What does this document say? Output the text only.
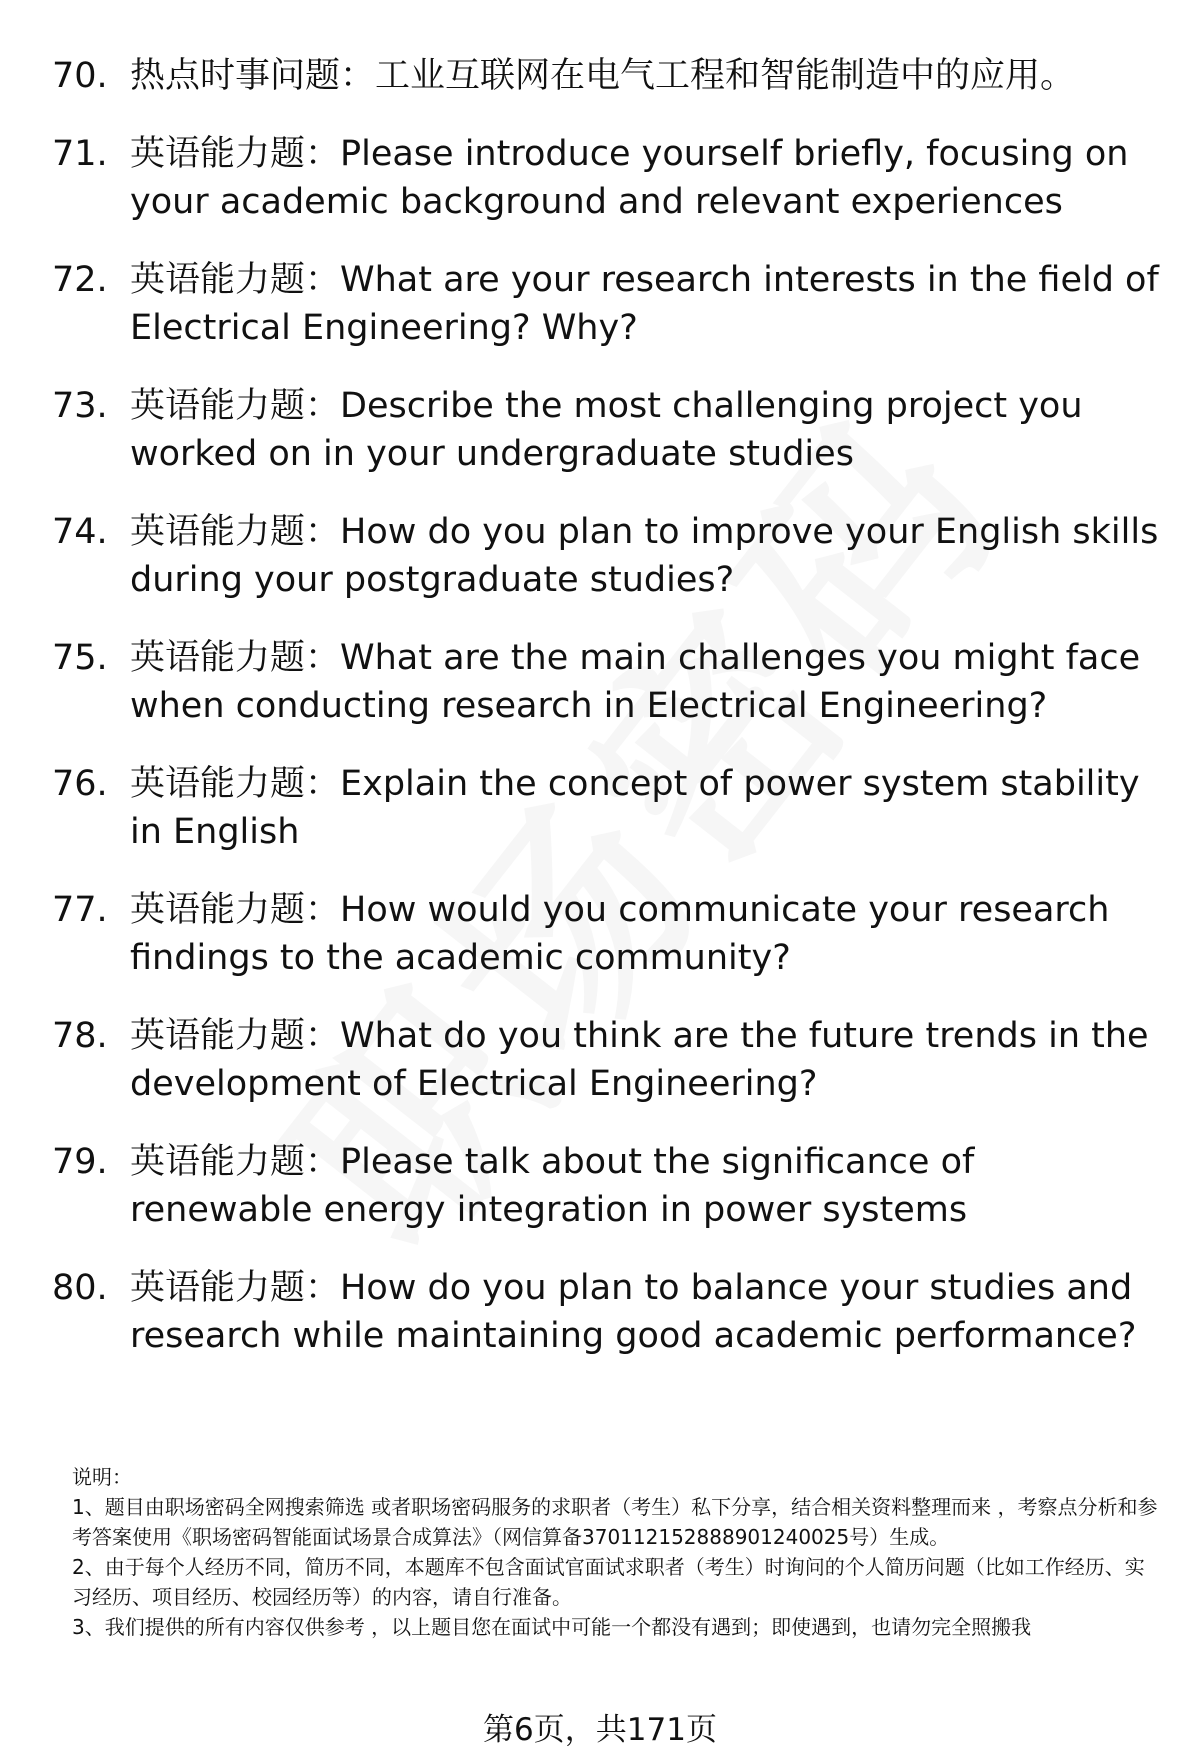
70. 热点时事问题：工业互联网在电气工程和智能制造中的应用。
71. 英语能力题：Please introduce yourself briefly, focusing on your academic background and relevant experiences
72. 英语能力题：What are your research interests in the field of Electrical Engineering? Why?
73. 英语能力题：Describe the most challenging project you worked on in your undergraduate studies
74. 英语能力题：How do you plan to improve your English skills during your postgraduate studies?
75. 英语能力题：What are the main challenges you might face when conducting research in Electrical Engineering?
76. 英语能力题：Explain the concept of power system stability in English
77. 英语能力题：How would you communicate your research findings to the academic community?
78. 英语能力题：What do you think are the future trends in the development of Electrical Engineering?
79. 英语能力题：Please talk about the significance of renewable energy integration in power systems
80. 英语能力题：How do you plan to balance your studies and research while maintaining good academic performance?

说明：

1、题目由职场密码全网搜索筛选 或者职场密码服务的求职者（考生）私下分享，结合相关资料整理而来 ，考察点分析和参考答案使用《职场密码智能面试场景合成算法》（网信算备370112152888901240025号）生成。

2、由于每个人经历不同，简历不同，本题库不包含面试官面试求职者（考生）时询问的个人简历问题（比如工作经历、实习经历、项目经历、校园经历等）的内容，请自行准备。

3、我们提供的所有内容仅供参考 ，以上题目您在面试中可能一个都没有遇到；即使遇到，也请勿完全照搬我

第6页，共171页
